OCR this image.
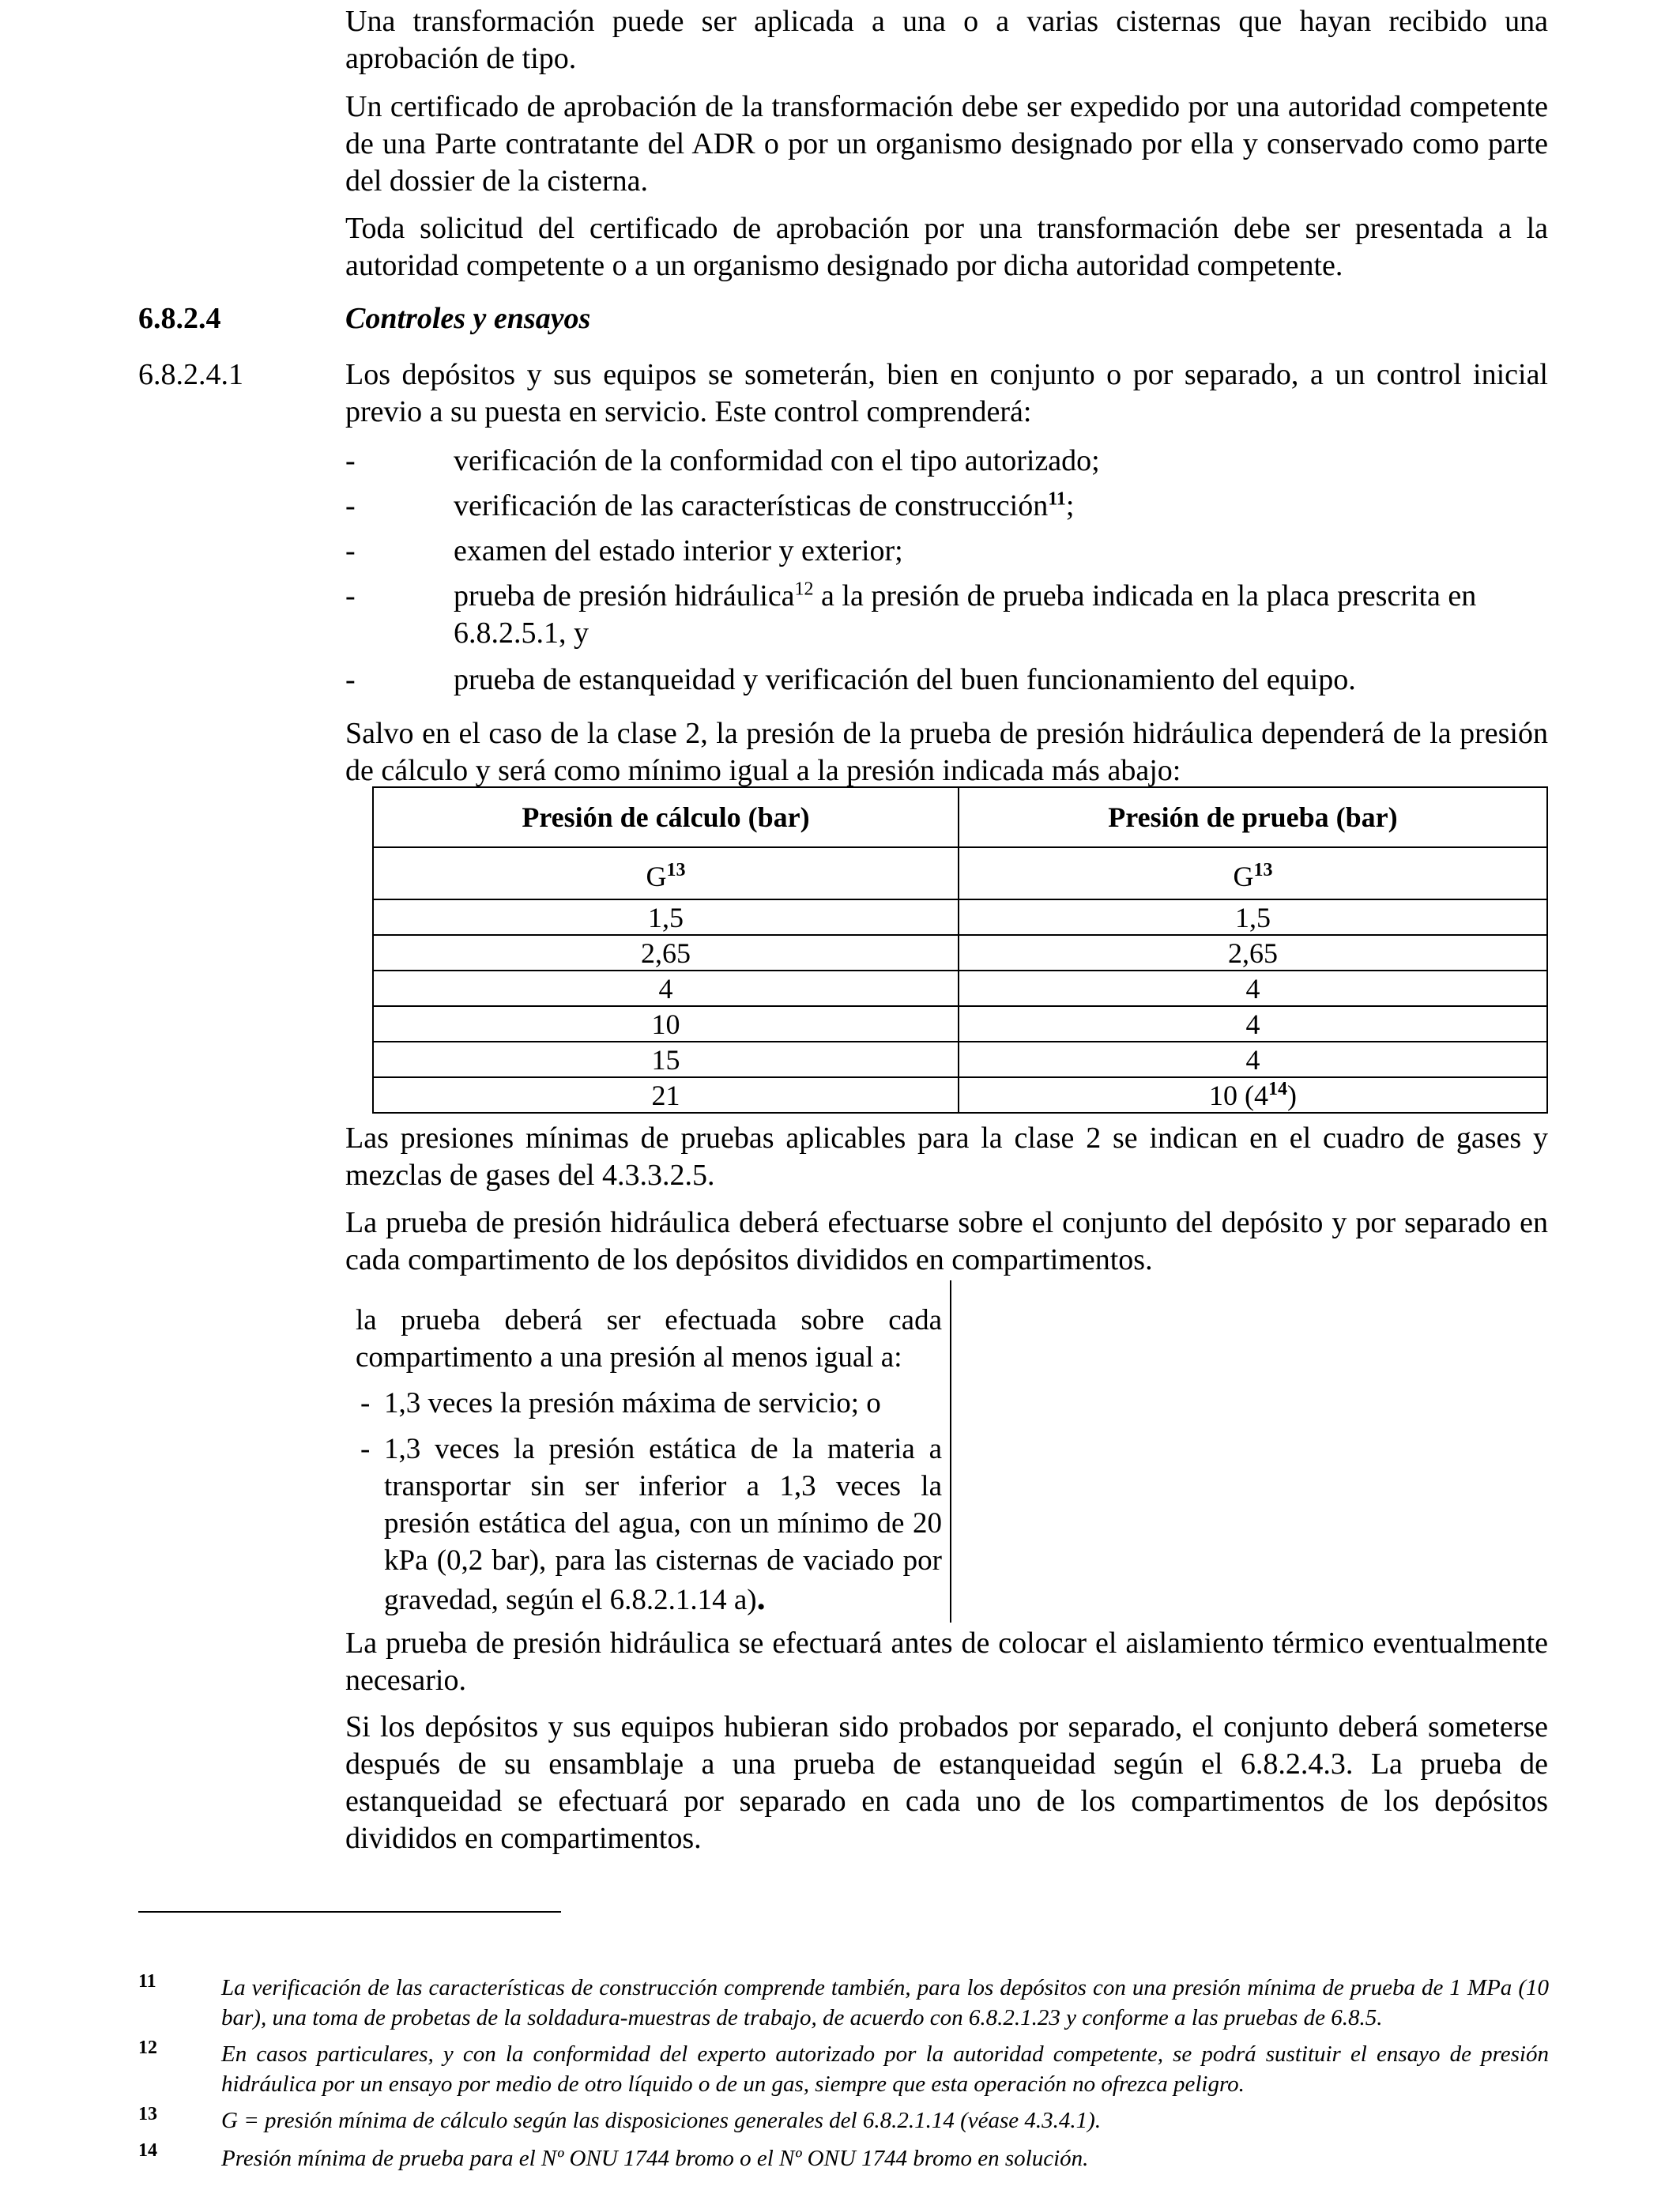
Una transformación puede ser aplicada a una o a varias cisternas que hayan recibido una aprobación de tipo.
Un certificado de aprobación de la transformación debe ser expedido por una autoridad competente de una Parte contratante del ADR o por un organismo designado por ella y conservado como parte del dossier de la cisterna.
Toda solicitud del certificado de aprobación por una transformación debe ser presentada a la autoridad competente o a un organismo designado por dicha autoridad competente.
6.8.2.4	Controles y ensayos
6.8.2.4.1	Los depósitos y sus equipos se someterán, bien en conjunto o por separado, a un control inicial previo a su puesta en servicio. Este control comprenderá:
-	verificación de la conformidad con el tipo autorizado;
-	verificación de las características de construcción$^{11}$;
-	examen del estado interior y exterior;
-	prueba de presión hidráulica$^{12}$ a la presión de prueba indicada en la placa prescrita en 6.8.2.5.1, y
-	prueba de estanqueidad y verificación del buen funcionamiento del equipo.
Salvo en el caso de la clase 2, la presión de la prueba de presión hidráulica dependerá de la presión de cálculo y será como mínimo igual a la presión indicada más abajo:
Presión de cálculo (bar)	Presión de prueba (bar)
$G^{13}$	$G^{13}$
1,5	1,5
2,65	2,65
4	4
10	4
15	4
21	10 $(4^{14})$
Las presiones mínimas de pruebas aplicables para la clase 2 se indican en el cuadro de gases y mezclas de gases del 4.3.3.2.5.
La prueba de presión hidráulica deberá efectuarse sobre el conjunto del depósito y por separado en cada compartimento de los depósitos divididos en compartimentos.
la prueba deberá ser efectuada sobre cada compartimento a una presión al menos igual a:
- 1,3 veces la presión máxima de servicio; o
- 1,3 veces la presión estática de la materia a transportar sin ser inferior a 1,3 veces la presión estática del agua, con un mínimo de 20 kPa (0,2 bar), para las cisternas de vaciado por gravedad, según el 6.8.2.1.14 a).
La prueba de presión hidráulica se efectuará antes de colocar el aislamiento térmico eventualmente necesario.
Si los depósitos y sus equipos hubieran sido probados por separado, el conjunto deberá someterse después de su ensamblaje a una prueba de estanqueidad según el 6.8.2.4.3. La prueba de estanqueidad se efectuará por separado en cada uno de los compartimentos de los depósitos divididos en compartimentos.
11	La verificación de las características de construcción comprende también, para los depósitos con una presión mínima de prueba de 1 MPa (10 bar), una toma de probetas de la soldadura-muestras de trabajo, de acuerdo con 6.8.2.1.23 y conforme a las pruebas de 6.8.5.
12	En casos particulares, y con la conformidad del experto autorizado por la autoridad competente, se podrá sustituir el ensayo de presión hidráulica por un ensayo por medio de otro líquido o de un gas, siempre que esta operación no ofrezca peligro.
13	G = presión mínima de cálculo según las disposiciones generales del 6.8.2.1.14 (véase 4.3.4.1).
14	Presión mínima de prueba para el Nº ONU 1744 bromo o el Nº ONU 1744 bromo en solución.
